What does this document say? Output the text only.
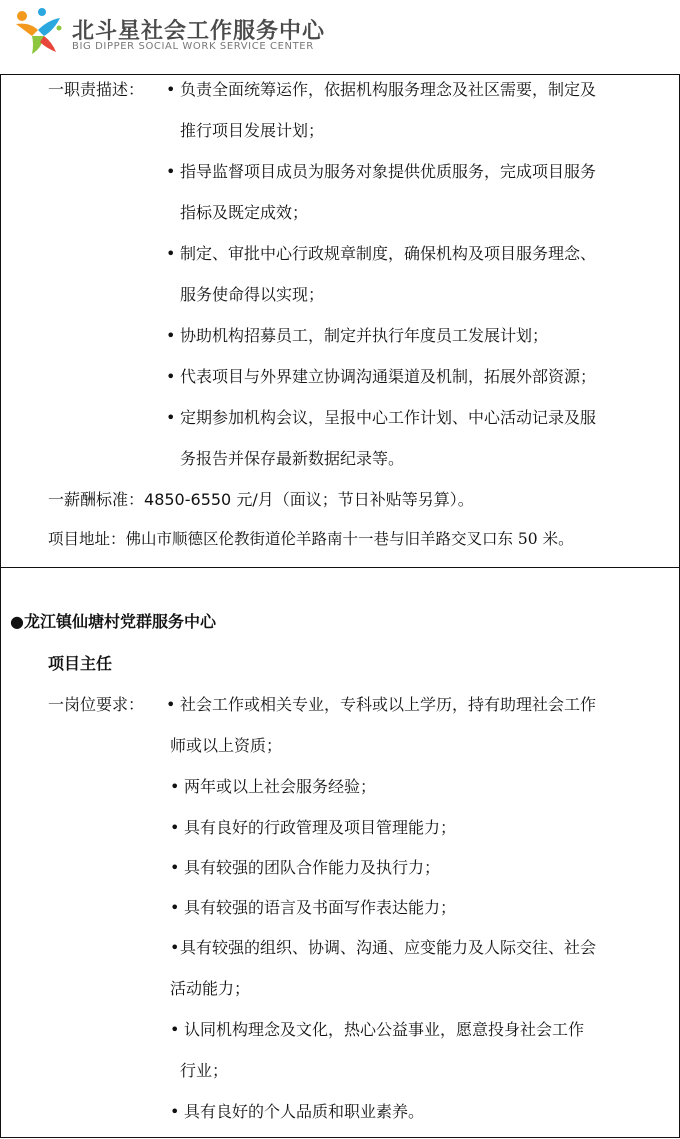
北斗星社会工作服务中心
BIG DIPPER SOCIAL WORK SERVICE CENTER
一职责描述： • 负责全面统筹运作，依据机构服务理念及社区需要，制定及
推行项目发展计划；
• 指导监督项目成员为服务对象提供优质服务，完成项目服务
指标及既定成效；
• 制定、审批中心行政规章制度，确保机构及项目服务理念、
服务使命得以实现；
• 协助机构招募员工，制定并执行年度员工发展计划；
• 代表项目与外界建立协调沟通渠道及机制，拓展外部资源；
• 定期参加机构会议，呈报中心工作计划、中心活动记录及服
务报告并保存最新数据纪录等。
一薪酬标准：4850-6550 元/月（面议；节日补贴等另算）。
项目地址：佛山市顺德区伦教街道伦羊路南十一巷与旧羊路交叉口东 50 米。
●龙江镇仙塘村党群服务中心
项目主任
一岗位要求： • 社会工作或相关专业，专科或以上学历，持有助理社会工作
师或以上资质；
• 两年或以上社会服务经验；
• 具有良好的行政管理及项目管理能力；
• 具有较强的团队合作能力及执行力；
• 具有较强的语言及书面写作表达能力；
• 具有较强的组织、协调、沟通、应变能力及人际交往、社会
活动能力；
• 认同机构理念及文化，热心公益事业，愿意投身社会工作
行业；
• 具有良好的个人品质和职业素养。
